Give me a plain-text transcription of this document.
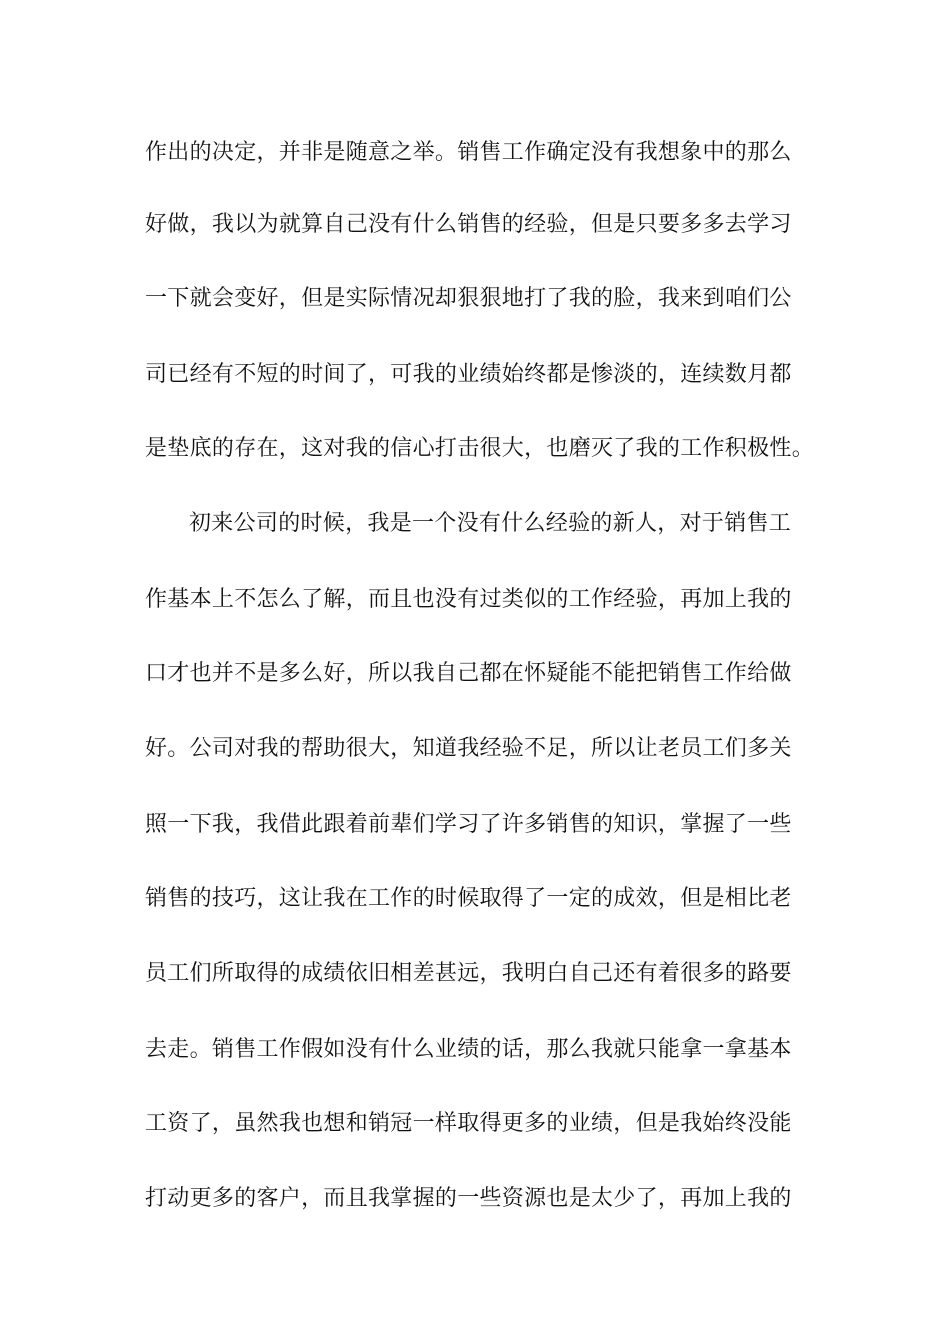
作出的决定，并非是随意之举。销售工作确定没有我想象中的那么
好做，我以为就算自己没有什么销售的经验，但是只要多多去学习
一下就会变好，但是实际情况却狠狠地打了我的脸，我来到咱们公
司已经有不短的时间了，可我的业绩始终都是惨淡的，连续数月都
是垫底的存在，这对我的信心打击很大，也磨灭了我的工作积极性。
初来公司的时候，我是一个没有什么经验的新人，对于销售工
作基本上不怎么了解，而且也没有过类似的工作经验，再加上我的
口才也并不是多么好，所以我自己都在怀疑能不能把销售工作给做
好。公司对我的帮助很大，知道我经验不足，所以让老员工们多关
照一下我，我借此跟着前辈们学习了许多销售的知识，掌握了一些
销售的技巧，这让我在工作的时候取得了一定的成效，但是相比老
员工们所取得的成绩依旧相差甚远，我明白自己还有着很多的路要
去走。销售工作假如没有什么业绩的话，那么我就只能拿一拿基本
工资了，虽然我也想和销冠一样取得更多的业绩，但是我始终没能
打动更多的客户，而且我掌握的一些资源也是太少了，再加上我的
